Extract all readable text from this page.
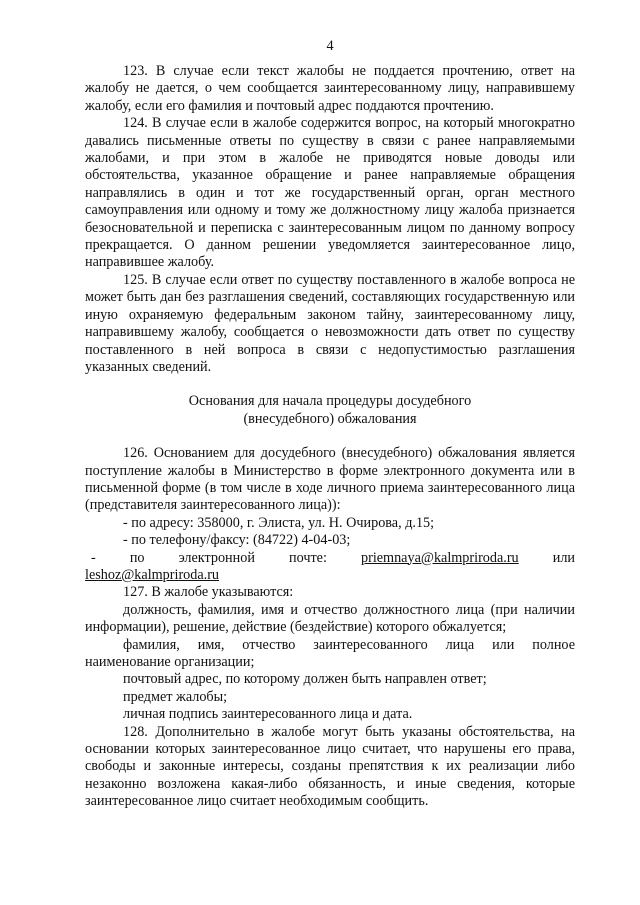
4

123. В случае если текст жалобы не поддается прочтению, ответ на жалобу не дается, о чем сообщается заинтересованному лицу, направившему жалобу, если его фамилия и почтовый адрес поддаются прочтению.

124. В случае если в жалобе содержится вопрос, на который многократно давались письменные ответы по существу в связи с ранее направляемыми жалобами, и при этом в жалобе не приводятся новые доводы или обстоятельства, указанное обращение и ранее направляемые обращения направлялись в один и тот же государственный орган, орган местного самоуправления или одному и тому же должностному лицу жалоба признается безосновательной и переписка с заинтересованным лицом по данному вопросу прекращается. О данном решении уведомляется заинтересованное лицо, направившее жалобу.

125. В случае если ответ по существу поставленного в жалобе вопроса не может быть дан без разглашения сведений, составляющих государственную или иную охраняемую федеральным законом тайну, заинтересованному лицу, направившему жалобу, сообщается о невозможности дать ответ по существу поставленного в ней вопроса в связи с недопустимостью разглашения указанных сведений.

Основания для начала процедуры досудебного
(внесудебного) обжалования

126. Основанием для досудебного (внесудебного) обжалования является поступление жалобы в Министерство в форме электронного документа или в письменной форме (в том числе в ходе личного приема заинтересованного лица (представителя заинтересованного лица)):

- по адресу: 358000, г. Элиста, ул. Н. Очирова, д.15;

- по телефону/факсу: (84722) 4-04-03;

- по электронной почте: priemnaya@kalmpriroda.ru или
leshoz@kalmpriroda.ru

127. В жалобе указываются:

должность, фамилия, имя и отчество должностного лица (при наличии информации), решение, действие (бездействие) которого обжалуется;

фамилия, имя, отчество заинтересованного лица или полное наименование организации;

почтовый адрес, по которому должен быть направлен ответ;

предмет жалобы;

личная подпись заинтересованного лица и дата.

128. Дополнительно в жалобе могут быть указаны обстоятельства, на основании которых заинтересованное лицо считает, что нарушены его права, свободы и законные интересы, созданы препятствия к их реализации либо незаконно возложена какая-либо обязанность, и иные сведения, которые заинтересованное лицо считает необходимым сообщить.
